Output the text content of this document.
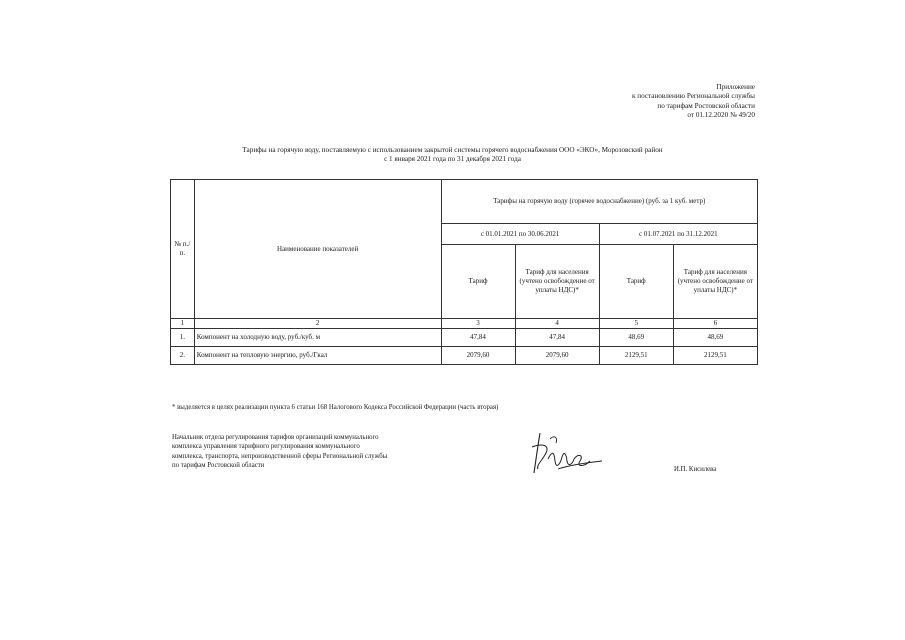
Приложение
к постановлению Региональной службы
по тарифам Ростовской области
от 01.12.2020 № 49/20
Тарифы на горячую воду, поставляемую с использованием закрытой системы горячего водоснабжения ООО «ЭКО», Морозовский район
с 1 января 2021 года по 31 декабря 2021 года
№ п./п.	Наименование показателей	Тарифы на горячую воду (горячее водоснабжение) (руб. за 1 куб. метр)			
		с 01.01.2021 по 30.06.2021		с 01.07.2021 по 31.12.2021	
		Тариф	Тариф для населения (учтено освобождение от уплаты НДС)*	Тариф	Тариф для населения (учтено освобождение от уплаты НДС)*
1	2	3	4	5	6
1.	Компонент на холодную воду, руб./куб. м	47,84	47,84	48,69	48,69
2.	Компонент на тепловую энергию, руб./Гкал	2079,60	2079,60	2129,51	2129,51
* выделяется в целях реализации пункта 6 статьи 168 Налогового Кодекса Российской Федерации (часть вторая)
Начальник отдела регулирования тарифов организаций коммунального
комплекса управления тарифного регулирования коммунального
комплекса, транспорта, непроизводственной сферы Региональной службы
по тарифам Ростовской области
И.П. Кисилева
